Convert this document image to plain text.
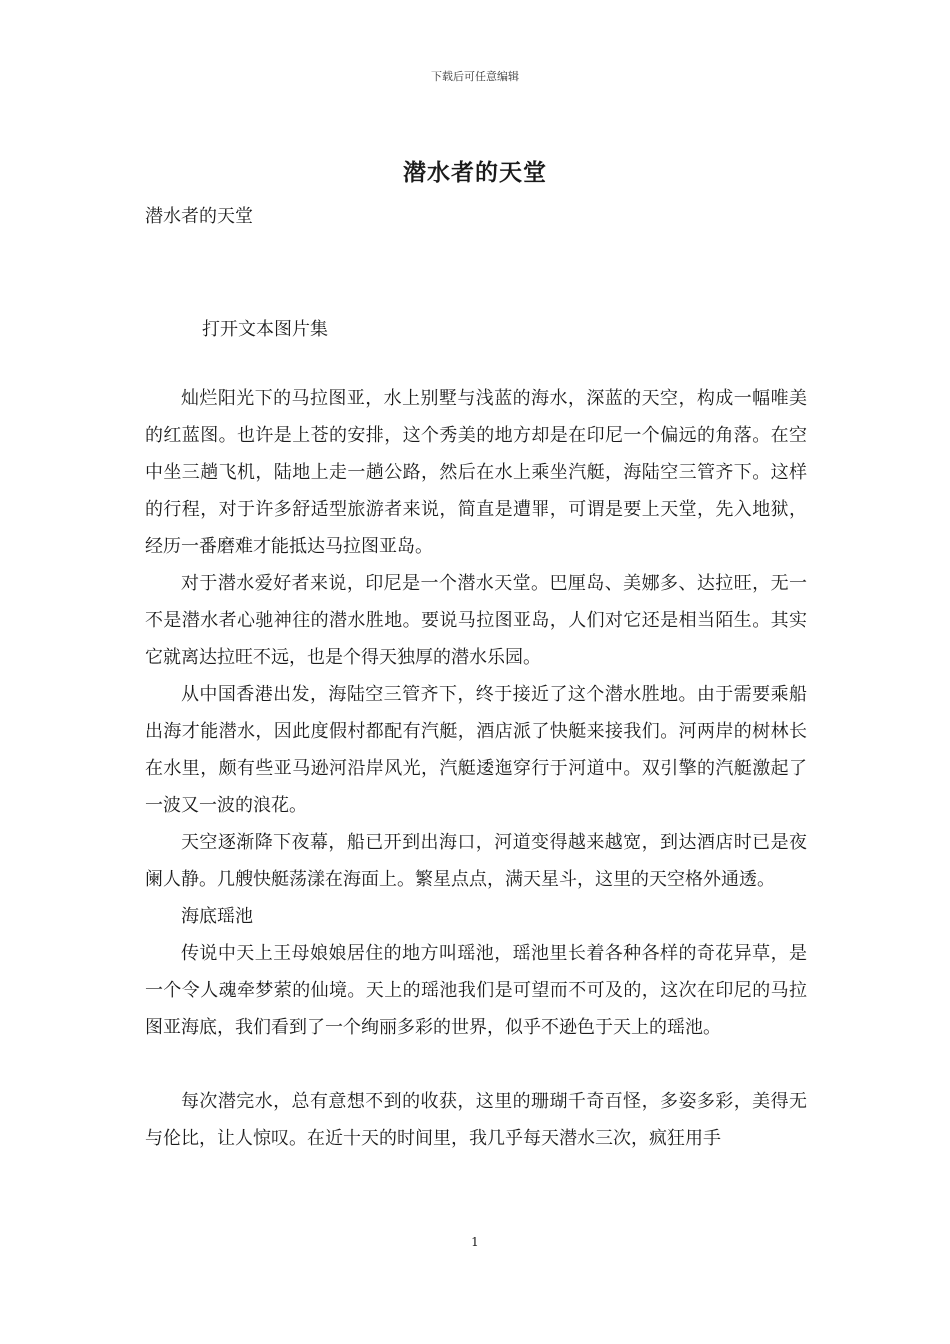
下载后可任意编辑
潜水者的天堂
潜水者的天堂
打开文本图片集

灿烂阳光下的马拉图亚，水上别墅与浅蓝的海水，深蓝的天空，构成一幅唯美的红蓝图。也许是上苍的安排，这个秀美的地方却是在印尼一个偏远的角落。在空中坐三趟飞机，陆地上走一趟公路，然后在水上乘坐汽艇，海陆空三管齐下。这样的行程，对于许多舒适型旅游者来说，简直是遭罪，可谓是要上天堂，先入地狱，经历一番磨难才能抵达马拉图亚岛。

对于潜水爱好者来说，印尼是一个潜水天堂。巴厘岛、美娜多、达拉旺，无一不是潜水者心驰神往的潜水胜地。要说马拉图亚岛，人们对它还是相当陌生。其实它就离达拉旺不远，也是个得天独厚的潜水乐园。

从中国香港出发，海陆空三管齐下，终于接近了这个潜水胜地。由于需要乘船出海才能潜水，因此度假村都配有汽艇，酒店派了快艇来接我们。河两岸的树林长在水里，颇有些亚马逊河沿岸风光，汽艇逶迤穿行于河道中。双引擎的汽艇激起了一波又一波的浪花。

天空逐渐降下夜幕，船已开到出海口，河道变得越来越宽，到达酒店时已是夜阑人静。几艘快艇荡漾在海面上。繁星点点，满天星斗，这里的天空格外通透。

海底瑶池

传说中天上王母娘娘居住的地方叫瑶池，瑶池里长着各种各样的奇花异草，是一个令人魂牵梦萦的仙境。天上的瑶池我们是可望而不可及的，这次在印尼的马拉图亚海底，我们看到了一个绚丽多彩的世界，似乎不逊色于天上的瑶池。

每次潜完水，总有意想不到的收获，这里的珊瑚千奇百怪，多姿多彩，美得无与伦比，让人惊叹。在近十天的时间里，我几乎每天潜水三次，疯狂用手

1
